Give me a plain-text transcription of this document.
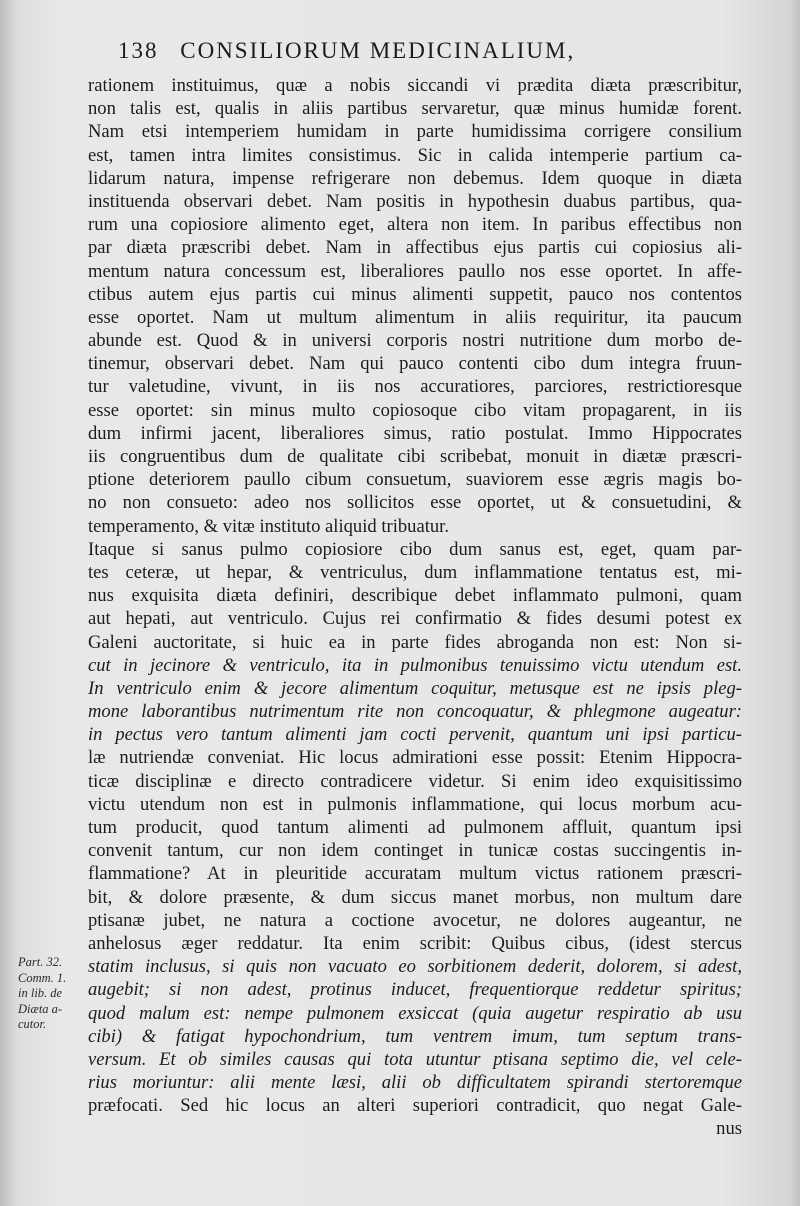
138 CONSILIORUM MEDICINALIUM,
rationem instituimus, quæ a nobis siccandi vi prædita diæta præscribitur,
non talis est, qualis in aliis partibus servaretur, quæ minus humidæ forent.
Nam etsi intemperiem humidam in parte humidissima corrigere consilium
est, tamen intra limites consistimus. Sic in calida intemperie partium ca-
lidarum natura, impense refrigerare non debemus. Idem quoque in diæta
instituenda observari debet. Nam positis in hypothesin duabus partibus, qua-
rum una copiosiore alimento eget, altera non item. In paribus effectibus non
par diæta præscribi debet. Nam in affectibus ejus partis cui copiosius ali-
mentum natura concessum est, liberaliores paullo nos esse oportet. In affe-
ctibus autem ejus partis cui minus alimenti suppetit, pauco nos contentos
esse oportet. Nam ut multum alimentum in aliis requiritur, ita paucum
abunde est. Quod & in universi corporis nostri nutritione dum morbo de-
tinemur, observari debet. Nam qui pauco contenti cibo dum integra fruun-
tur valetudine, vivunt, in iis nos accuratiores, parciores, restrictioresque
esse oportet: sin minus multo copiosoque cibo vitam propagarent, in iis
dum infirmi jacent, liberaliores simus, ratio postulat. Immo Hippocrates
iis congruentibus dum de qualitate cibi scribebat, monuit in diætæ præscri-
ptione deteriorem paullo cibum consuetum, suaviorem esse ægris magis bo-
no non consueto: adeo nos sollicitos esse oportet, ut & consuetudini, &
temperamento, & vitæ instituto aliquid tribuatur.
Itaque si sanus pulmo copiosiore cibo dum sanus est, eget, quam par-
tes ceteræ, ut hepar, & ventriculus, dum inflammatione tentatus est, mi-
nus exquisita diæta definiri, describique debet inflammato pulmoni, quam
aut hepati, aut ventriculo. Cujus rei confirmatio & fides desumi potest ex
Galeni auctoritate, si huic ea in parte fides abroganda non est: Non si-
cut in jecinore & ventriculo, ita in pulmonibus tenuissimo victu utendum est.
In ventriculo enim & jecore alimentum coquitur, metusque est ne ipsis pleg-
mone laborantibus nutrimentum rite non concoquatur, & phlegmone augeatur:
in pectus vero tantum alimenti jam cocti pervenit, quantum uni ipsi particu-
læ nutriendæ conveniat. Hic locus admirationi esse possit: Etenim Hippocra-
ticæ disciplinæ e directo contradicere videtur. Si enim ideo exquisitissimo
victu utendum non est in pulmonis inflammatione, qui locus morbum acu-
tum producit, quod tantum alimenti ad pulmonem affluit, quantum ipsi
convenit tantum, cur non idem continget in tunicæ costas succingentis in-
flammatione? At in pleuritide accuratam multum victus rationem præscri-
bit, & dolore præsente, & dum siccus manet morbus, non multum dare
ptisanæ jubet, ne natura a coctione avocetur, ne dolores augeantur, ne
anhelosus æger reddatur. Ita enim scribit: Quibus cibus, (idest stercus
statim inclusus, si quis non vacuato eo sorbitionem dederit, dolorem, si adest,
augebit; si non adest, protinus inducet, frequentiorque reddetur spiritus;
quod malum est: nempe pulmonem exsiccat (quia augetur respiratio ab usu
cibi) & fatigat hypochondrium, tum ventrem imum, tum septum trans-
versum. Et ob similes causas qui tota utuntur ptisana septimo die, vel cele-
rius moriuntur: alii mente læsi, alii ob difficultatem spirandi stertoremque
præfocati. Sed hic locus an alteri superiori contradicit, quo negat Gale-
nus
Part. 32.
Comm. 1.
in lib. de
Diæta a-
cutor.
